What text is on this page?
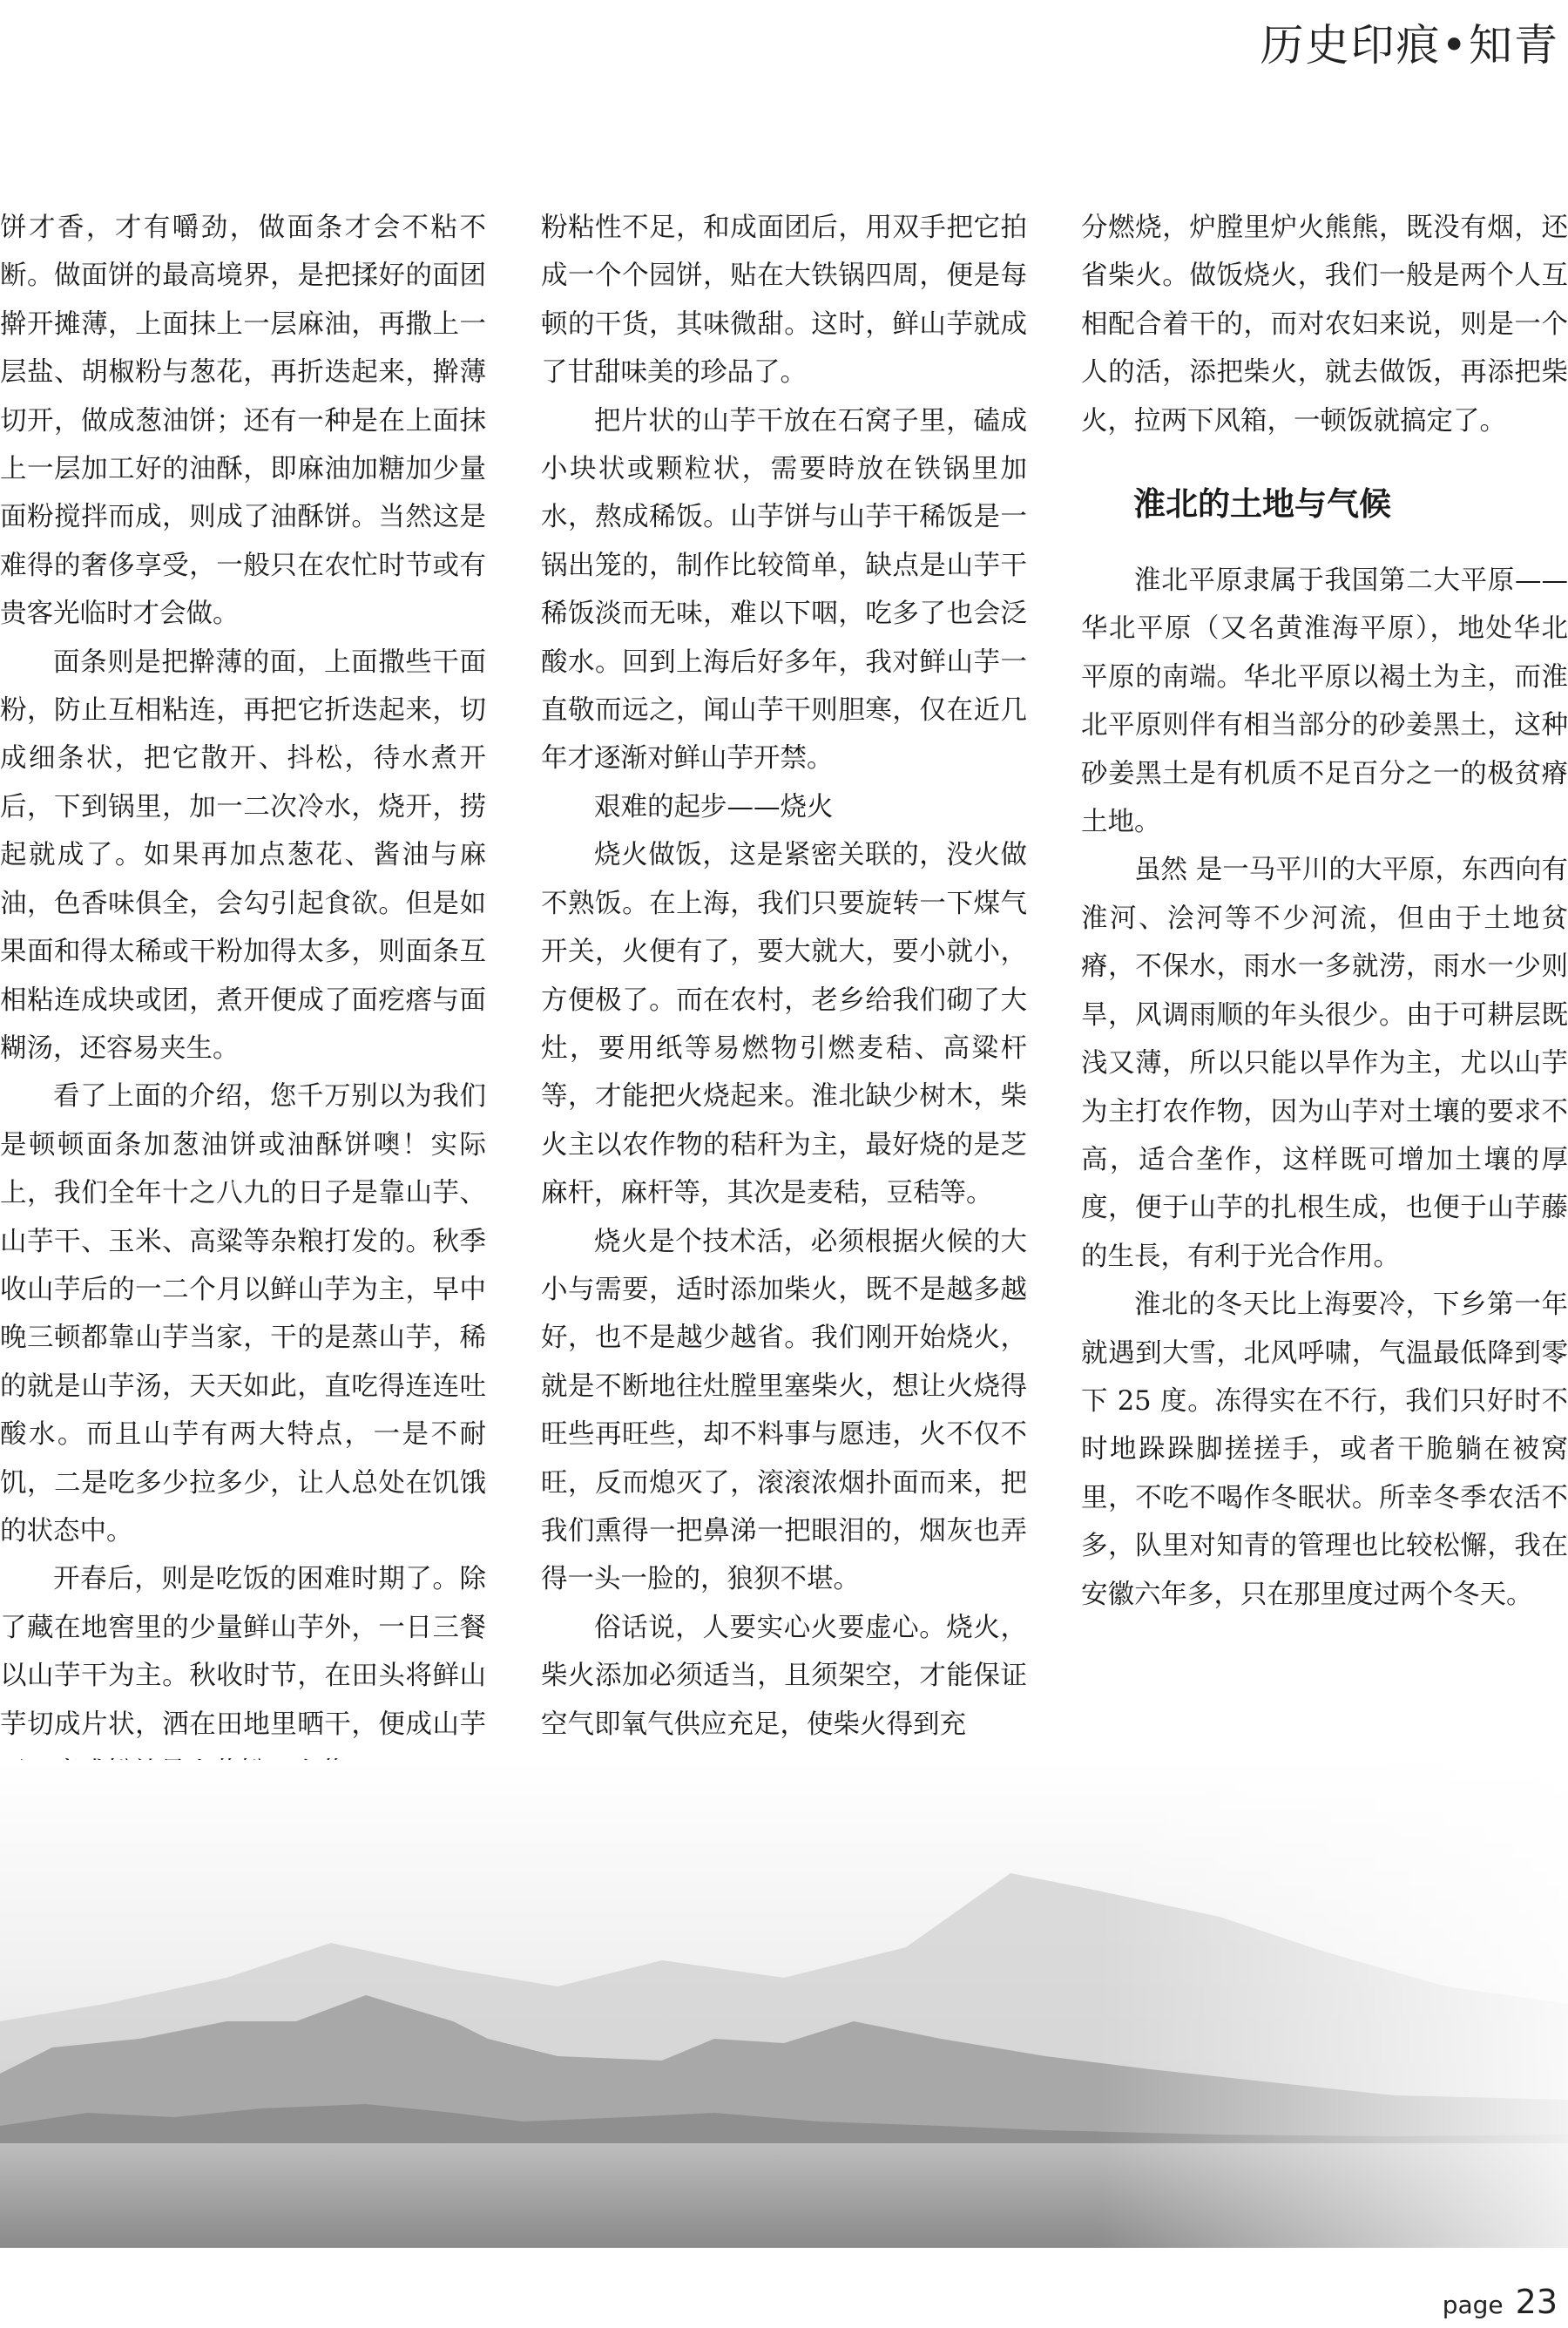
历史印痕•知青

饼才香，才有嚼劲，做面条才会不粘不断。做面饼的最高境界，是把揉好的面团擀开摊薄，上面抹上一层麻油，再撒上一层盐、胡椒粉与葱花，再折迭起来，擀薄切开，做成葱油饼；还有一种是在上面抹上一层加工好的油酥，即麻油加糖加少量面粉搅拌而成，则成了油酥饼。当然这是难得的奢侈享受，一般只在农忙时节或有贵客光临时才会做。

面条则是把擀薄的面，上面撒些干面粉，防止互相粘连，再把它折迭起来，切成细条状，把它散开、抖松，待水煮开后，下到锅里，加一二次冷水，烧开，捞起就成了。如果再加点葱花、酱油与麻油，色香味俱全，会勾引起食欲。但是如果面和得太稀或干粉加得太多，则面条互相粘连成块或团，煮开便成了面疙瘩与面糊汤，还容易夹生。

看了上面的介绍，您千万别以为我们是顿顿面条加葱油饼或油酥饼噢！实际上，我们全年十之八九的日子是靠山芋、山芋干、玉米、高粱等杂粮打发的。秋季收山芋后的一二个月以鲜山芋为主，早中晚三顿都靠山芋当家，干的是蒸山芋，稀的就是山芋汤，天天如此，直吃得连连吐酸水。而且山芋有两大特点，一是不耐饥，二是吃多少拉多少，让人总处在饥饿的状态中。

开春后，则是吃饭的困难时期了。除了藏在地窖里的少量鲜山芋外，一日三餐以山芋干为主。秋收时节，在田头将鲜山芋切成片状，洒在田地里晒干，便成山芋

粉粘性不足，和成面团后，用双手把它拍成一个个园饼，贴在大铁锅四周，便是每顿的干货，其味微甜。这时，鲜山芋就成了甘甜味美的珍品了。

把片状的山芋干放在石窝子里，磕成小块状或颗粒状，需要時放在铁锅里加水，熬成稀饭。山芋饼与山芋干稀饭是一锅出笼的，制作比较简单，缺点是山芋干稀饭淡而无味，难以下咽，吃多了也会泛酸水。回到上海后好多年，我对鲜山芋一直敬而远之，闻山芋干则胆寒，仅在近几年才逐渐对鲜山芋开禁。

艰难的起步——烧火

烧火做饭，这是紧密关联的，没火做不熟饭。在上海，我们只要旋转一下煤气开关，火便有了，要大就大，要小就小，方便极了。而在农村，老乡给我们砌了大灶，要用纸等易燃物引燃麦秸、高粱杆等，才能把火烧起来。淮北缺少树木，柴火主以农作物的秸秆为主，最好烧的是芝麻杆，麻杆等，其次是麦秸，豆秸等。

烧火是个技术活，必须根据火候的大小与需要，适时添加柴火，既不是越多越好，也不是越少越省。我们刚开始烧火，就是不断地往灶膛里塞柴火，想让火烧得旺些再旺些，却不料事与愿违，火不仅不旺，反而熄灭了，滚滚浓烟扑面而来，把我们熏得一把鼻涕一把眼泪的，烟灰也弄得一头一脸的，狼狈不堪。

俗话说，人要实心火要虚心。烧火，柴火添加必须适当，且须架空，才能保证空气即氧气供应充足，使柴火得到充

分燃烧，炉膛里炉火熊熊，既没有烟，还省柴火。做饭烧火，我们一般是两个人互相配合着干的，而对农妇来说，则是一个人的活，添把柴火，就去做饭，再添把柴火，拉两下风箱，一顿饭就搞定了。

淮北的土地与气候

淮北平原隶属于我国第二大平原——华北平原（又名黄淮海平原），地处华北平原的南端。华北平原以褐土为主，而淮北平原则伴有相当部分的砂姜黑土，这种砂姜黑土是有机质不足百分之一的极贫瘠土地。

虽然 是一马平川的大平原，东西向有淮河、浍河等不少河流，但由于土地贫瘠，不保水，雨水一多就涝，雨水一少则旱，风调雨顺的年头很少。由于可耕层既浅又薄，所以只能以旱作为主，尤以山芋为主打农作物，因为山芋对土壤的要求不高，适合垄作，这样既可增加土壤的厚度，便于山芋的扎根生成，也便于山芋藤的生長，有利于光合作用。

淮北的冬天比上海要冷，下乡第一年就遇到大雪，北风呼啸，气温最低降到零下 25 度。冻得实在不行，我们只好时不时地跺跺脚搓搓手，或者干脆躺在被窝里，不吃不喝作冬眠状。所幸冬季农活不多，队里对知青的管理也比较松懈，我在安徽六年多，只在那里度过两个冬天。

page 23
